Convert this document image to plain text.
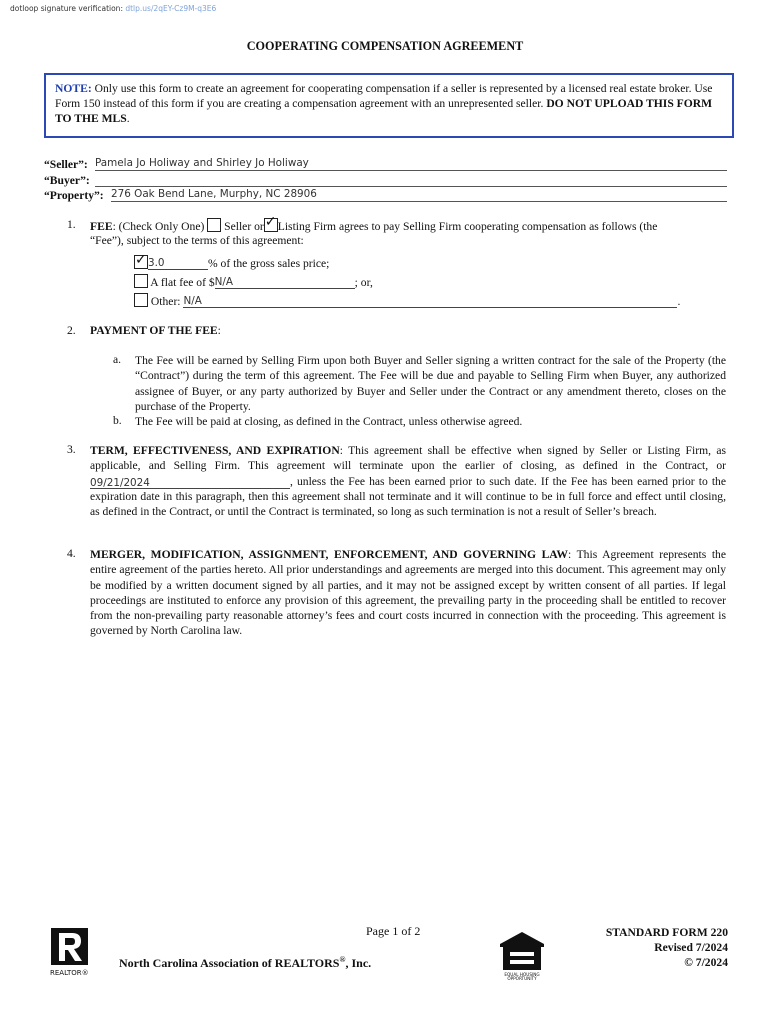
dotloop signature verification: dtlp.us/2qEY-Cz9M-q3E6
COOPERATING COMPENSATION AGREEMENT
NOTE: Only use this form to create an agreement for cooperating compensation if a seller is represented by a licensed real estate broker. Use Form 150 instead of this form if you are creating a compensation agreement with an unrepresented seller. DO NOT UPLOAD THIS FORM TO THE MLS.
“Seller”: Pamela Jo Holiway and Shirley Jo Holiway
“Buyer”:
“Property”: 276 Oak Bend Lane, Murphy, NC 28906
1. FEE: (Check Only One) Seller or✓ Listing Firm agrees to pay Selling Firm cooperating compensation as follows (the
“Fee”), subject to the terms of this agreement:
✓3.0	% of the gross sales price;
A flat fee of $N/A	; or,
Other: N/A	.
2. PAYMENT OF THE FEE:
a. The Fee will be earned by Selling Firm upon both Buyer and Seller signing a written contract for the sale of the Property (the “Contract”) during the term of this agreement. The Fee will be due and payable to Selling Firm when Buyer, any authorized assignee of Buyer, or any party authorized by Buyer and Seller under the Contract or any amendment thereto, closes on the purchase of the Property.
b. The Fee will be paid at closing, as defined in the Contract, unless otherwise agreed.
3. TERM, EFFECTIVENESS, AND EXPIRATION: This agreement shall be effective when signed by Seller or Listing Firm, as applicable, and Selling Firm. This agreement will terminate upon the earlier of closing, as defined in the Contract, or 09/21/2024	, unless the Fee has been earned prior to such date. If the Fee has been earned prior to the expiration date in this paragraph, then this agreement shall not terminate and it will continue to be in full force and effect until closing, as defined in the Contract, or until the Contract is terminated, so long as such termination is not a result of Seller’s breach.
4. MERGER, MODIFICATION, ASSIGNMENT, ENFORCEMENT, AND GOVERNING LAW: This Agreement represents the entire agreement of the parties hereto. All prior understandings and agreements are merged into this document. This agreement may only be modified by a written document signed by all parties, and it may not be assigned except by written consent of all parties. If legal proceedings are instituted to enforce any provision of this agreement, the prevailing party in the proceeding shall be entitled to recover from the non-prevailing party reasonable attorney’s fees and court costs incurred in connection with the proceeding. This agreement is governed by North Carolina law.
Page 1 of 2
REALTOR®
North Carolina Association of REALTORS®, Inc.
EQUAL HOUSING
OPPORTUNITY
STANDARD FORM 220
Revised 7/2024
© 7/2024
